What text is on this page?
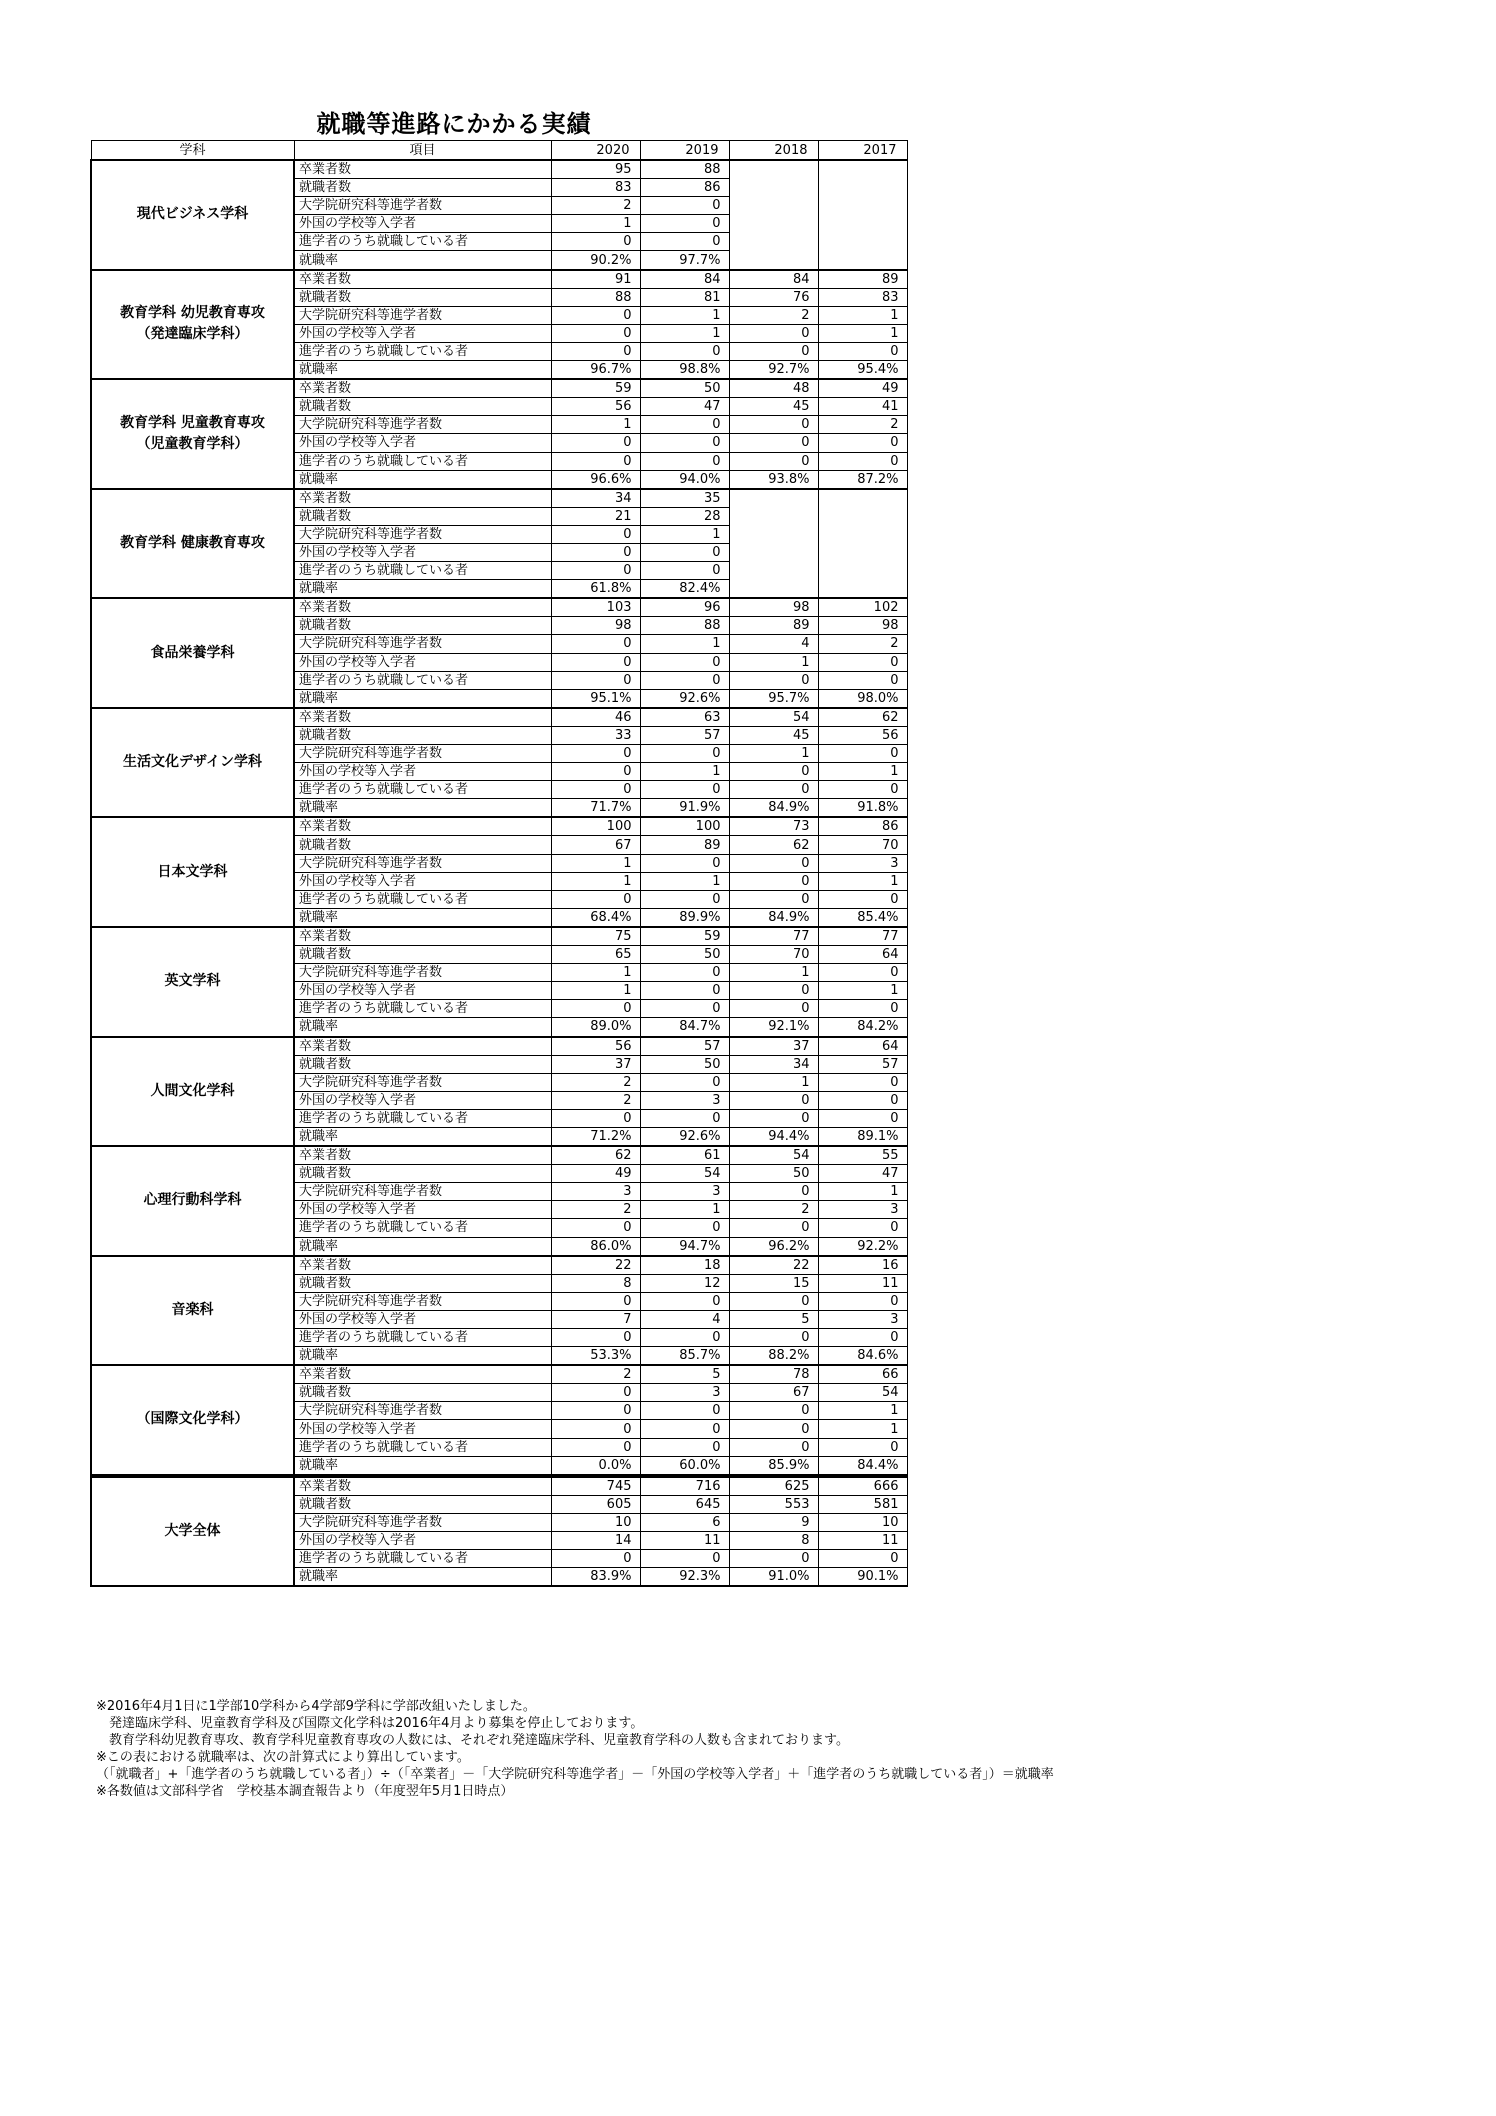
就職等進路にかかる実績
学科	項目	2020	2019	2018	2017
現代ビジネス学科	卒業者数	95	88		
	就職者数	83	86		
	大学院研究科等進学者数	2	0		
	外国の学校等入学者	1	0		
	進学者のうち就職している者	0	0		
	就職率	90.2%	97.7%		
教育学科 幼児教育専攻
（発達臨床学科）	卒業者数	91	84	84	89
	就職者数	88	81	76	83
	大学院研究科等進学者数	0	1	2	1
	外国の学校等入学者	0	1	0	1
	進学者のうち就職している者	0	0	0	0
	就職率	96.7%	98.8%	92.7%	95.4%
教育学科 児童教育専攻
（児童教育学科）	卒業者数	59	50	48	49
	就職者数	56	47	45	41
	大学院研究科等進学者数	1	0	0	2
	外国の学校等入学者	0	0	0	0
	進学者のうち就職している者	0	0	0	0
	就職率	96.6%	94.0%	93.8%	87.2%
教育学科 健康教育専攻	卒業者数	34	35		
	就職者数	21	28		
	大学院研究科等進学者数	0	1		
	外国の学校等入学者	0	0		
	進学者のうち就職している者	0	0		
	就職率	61.8%	82.4%		
食品栄養学科	卒業者数	103	96	98	102
	就職者数	98	88	89	98
	大学院研究科等進学者数	0	1	4	2
	外国の学校等入学者	0	0	1	0
	進学者のうち就職している者	0	0	0	0
	就職率	95.1%	92.6%	95.7%	98.0%
生活文化デザイン学科	卒業者数	46	63	54	62
	就職者数	33	57	45	56
	大学院研究科等進学者数	0	0	1	0
	外国の学校等入学者	0	1	0	1
	進学者のうち就職している者	0	0	0	0
	就職率	71.7%	91.9%	84.9%	91.8%
日本文学科	卒業者数	100	100	73	86
	就職者数	67	89	62	70
	大学院研究科等進学者数	1	0	0	3
	外国の学校等入学者	1	1	0	1
	進学者のうち就職している者	0	0	0	0
	就職率	68.4%	89.9%	84.9%	85.4%
英文学科	卒業者数	75	59	77	77
	就職者数	65	50	70	64
	大学院研究科等進学者数	1	0	1	0
	外国の学校等入学者	1	0	0	1
	進学者のうち就職している者	0	0	0	0
	就職率	89.0%	84.7%	92.1%	84.2%
人間文化学科	卒業者数	56	57	37	64
	就職者数	37	50	34	57
	大学院研究科等進学者数	2	0	1	0
	外国の学校等入学者	2	3	0	0
	進学者のうち就職している者	0	0	0	0
	就職率	71.2%	92.6%	94.4%	89.1%
心理行動科学科	卒業者数	62	61	54	55
	就職者数	49	54	50	47
	大学院研究科等進学者数	3	3	0	1
	外国の学校等入学者	2	1	2	3
	進学者のうち就職している者	0	0	0	0
	就職率	86.0%	94.7%	96.2%	92.2%
音楽科	卒業者数	22	18	22	16
	就職者数	8	12	15	11
	大学院研究科等進学者数	0	0	0	0
	外国の学校等入学者	7	4	5	3
	進学者のうち就職している者	0	0	0	0
	就職率	53.3%	85.7%	88.2%	84.6%
（国際文化学科）	卒業者数	2	5	78	66
	就職者数	0	3	67	54
	大学院研究科等進学者数	0	0	0	1
	外国の学校等入学者	0	0	0	1
	進学者のうち就職している者	0	0	0	0
	就職率	0.0%	60.0%	85.9%	84.4%
大学全体	卒業者数	745	716	625	666
	就職者数	605	645	553	581
	大学院研究科等進学者数	10	6	9	10
	外国の学校等入学者	14	11	8	11
	進学者のうち就職している者	0	0	0	0
	就職率	83.9%	92.3%	91.0%	90.1%
※2016年4月1日に1学部10学科から4学部9学科に学部改組いたしました。
　発達臨床学科、児童教育学科及び国際文化学科は2016年4月より募集を停止しております。
　教育学科幼児教育専攻、教育学科児童教育専攻の人数には、それぞれ発達臨床学科、児童教育学科の人数も含まれております。
※この表における就職率は、次の計算式により算出しています。
（「就職者」+「進学者のうち就職している者」）÷（「卒業者」－「大学院研究科等進学者」－「外国の学校等入学者」＋「進学者のうち就職している者」）＝就職率
※各数値は文部科学省　学校基本調査報告より（年度翌年5月1日時点）
